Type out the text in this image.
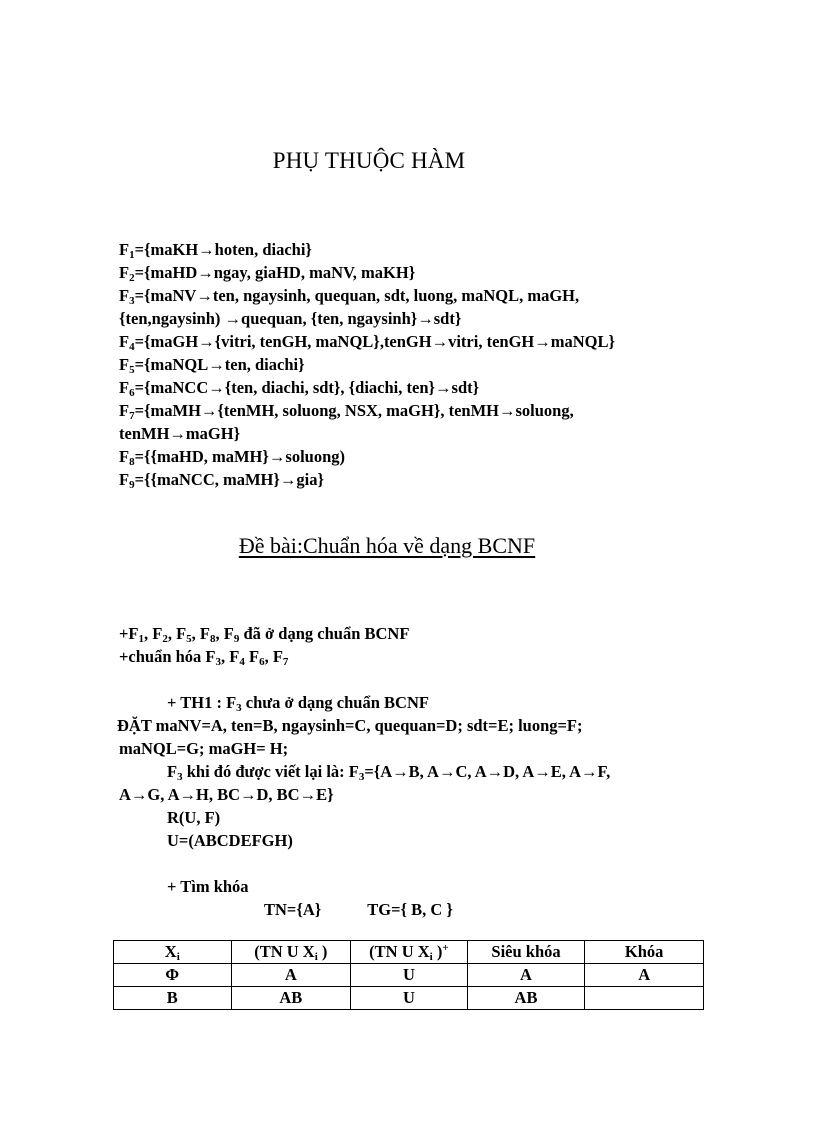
PHỤ THUỘC HÀM
$F_1=\{maKH\to hoten$, diachi}
$F_2=\{maHD\to ngay$, giaHD, maNV, maKH}
$F_3=\{maNV\to ten$, ngaysinh, quequan, sdt, luong, maNQL, maGH,
{ten,ngaysinh) →quequan, {ten, ngaysinh}→sdt}
$F_4=\{maGH\to\{vitri$, tenGH, maNQL},tenGH→vitri, tenGH→maNQL}
$F_5=\{maNQL\to ten$, diachi}
$F_6=\{maNCC\to\{ten$, diachi, sdt}, {diachi, ten}→sdt}
$F_7=\{maMH\to\{tenMH$, soluong, NSX, maGH}, tenMH→soluong,
tenMH→maGH}
$F_8=\{\{maHD$, maMH}→soluong)
$F_9=\{\{maNCC$, maMH}→gia}
Đề bài:Chuẩn hóa về dạng BCNF
$+F_1$, $F_2$, $F_5$, $F_8$, $F_9$ đã ở dạng chuẩn BCNF
+chuẩn hóa $F_3$, $F_4$ $F_6$, $F_7$
+ TH1 : $F_3$ chưa ở dạng chuẩn BCNF
ĐẶT maNV=A, ten=B, ngaysinh=C, quequan=D; sdt=E; luong=F;
maNQL=G; maGH= H;
$F_3$ khi đó được viết lại là: $F_3=\{A\to B$, A→C, A→D, A→E, A→F,
A→G, A→H, BC→D, BC→E}
R(U, F)
U=(ABCDEFGH)
+ Tìm khóa
TN={A}	TG={ B, C }
$X_i$	(TN U $X_i$ )	(TN U $X_i$ )+	Siêu khóa	Khóa
Φ	A	U	A	A
B	AB	U	AB	
